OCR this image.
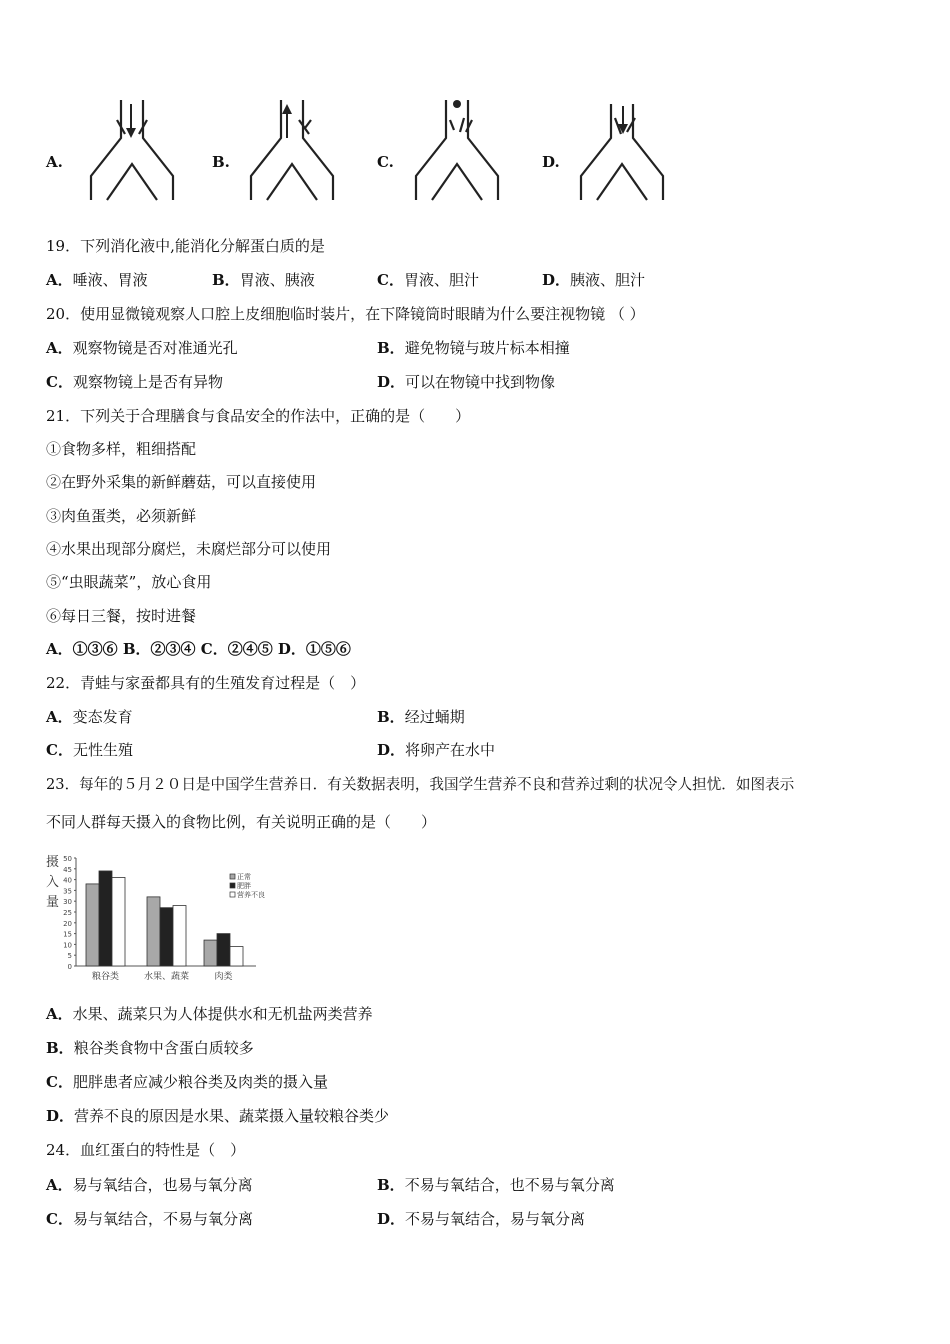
A.	B.	C.	D.
19．下列消化液中,能消化分解蛋白质的是
A．唾液、胃液	B．胃液、胰液	C．胃液、胆汁	D．胰液、胆汁
20．使用显微镜观察人口腔上皮细胞临时装片，在下降镜筒时眼睛为什么要注视物镜 （ ）
A．观察物镜是否对准通光孔	B．避免物镜与玻片标本相撞
C．观察物镜上是否有异物	D．可以在物镜中找到物像
21．下列关于合理膳食与食品安全的作法中，正确的是（　　）
①食物多样，粗细搭配
②在野外采集的新鲜蘑菇，可以直接使用
③肉鱼蛋类，必须新鲜
④水果出现部分腐烂，未腐烂部分可以使用
⑤“虫眼蔬菜”，放心食用
⑥每日三餐，按时进餐
A．①③⑥ B．②③④ C．②④⑤ D．①⑤⑥
22．青蛙与家蚕都具有的生殖发育过程是（　）
A．变态发育	B．经过蛹期
C．无性生殖	D．将卵产在水中
23．每年的５月２０日是中国学生营养日．有关数据表明，我国学生营养不良和营养过剩的状况令人担忧．如图表示
不同人群每天摄入的食物比例，有关说明正确的是（　　）
摄
入
量
0
5
10
15
20
25
30
35
40
45
50
粮谷类	水果、蔬菜	肉类
正常
肥胖
营养不良
A．水果、蔬菜只为人体提供水和无机盐两类营养
B．粮谷类食物中含蛋白质较多
C．肥胖患者应减少粮谷类及肉类的摄入量
D．营养不良的原因是水果、蔬菜摄入量较粮谷类少
24．血红蛋白的特性是（　）
A．易与氧结合，也易与氧分离	B．不易与氧结合，也不易与氧分离
C．易与氧结合，不易与氧分离	D．不易与氧结合，易与氧分离
